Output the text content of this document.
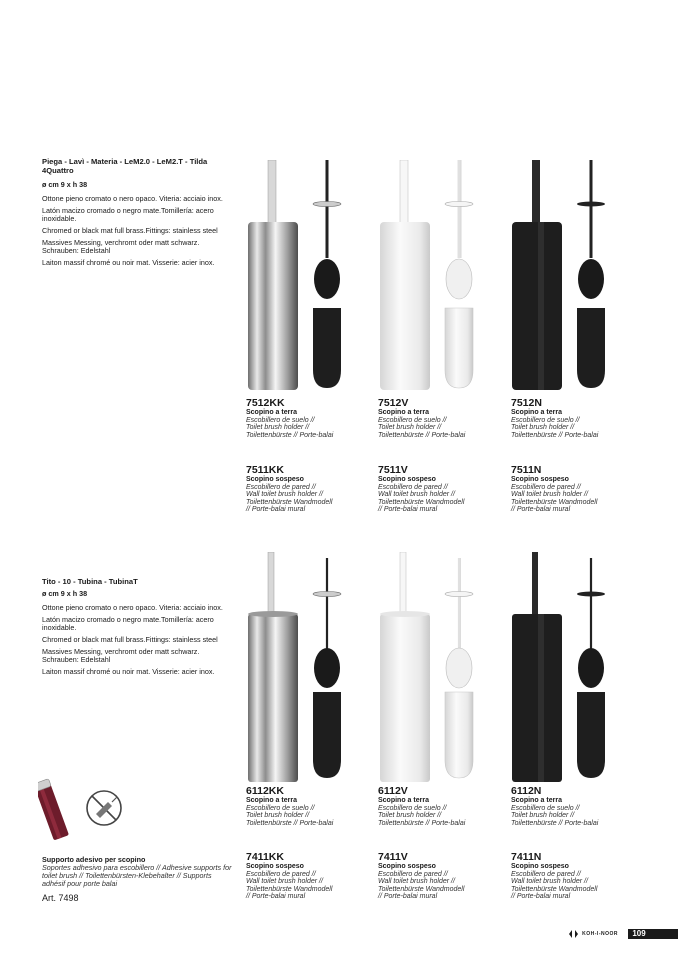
Piega - Lavì - Materia - LeM2.0 - LeM2.T - Tilda 4Quattro
ø cm 9 x h 38
Ottone pieno cromato o nero opaco. Viteria: acciaio inox.
Latón macizo cromado o negro mate.Tomillería: acero inoxidable.
Chromed or black mat full brass.Fittings: stainless steel
Massives Messing, verchromt oder matt schwarz. Schrauben: Edelstahl
Laiton massif chromé ou noir mat. Visserie: acier inox.
7512KK
Scopino a terra
Escobillero de suelo //
Toilet brush holder //
Toilettenbürste // Porte-balai
7512V
Scopino a terra
Escobillero de suelo //
Toilet brush holder //
Toilettenbürste // Porte-balai
7512N
Scopino a terra
Escobillero de suelo //
Toilet brush holder //
Toilettenbürste // Porte-balai
7511KK
Scopino sospeso
Escobillero de pared //
Wall toilet brush holder //
Toilettenbürste Wandmodell
// Porte-balai mural
7511V
Scopino sospeso
Escobillero de pared //
Wall toilet brush holder //
Toilettenbürste Wandmodell
// Porte-balai mural
7511N
Scopino sospeso
Escobillero de pared //
Wall toilet brush holder //
Toilettenbürste Wandmodell
// Porte-balai mural
Tito - 10 - Tubina - TubinaT
ø cm 9 x h 38
Ottone pieno cromato o nero opaco. Viteria: acciaio inox.
Latón macizo cromado o negro mate.Tomillería: acero inoxidable.
Chromed or black mat full brass.Fittings: stainless steel
Massives Messing, verchromt oder matt schwarz. Schrauben: Edelstahl
Laiton massif chromé ou noir mat. Visserie: acier inox.
6112KK
Scopino a terra
Escobillero de suelo //
Toilet brush holder //
Toilettenbürste // Porte-balai
6112V
Scopino a terra
Escobillero de suelo //
Toilet brush holder //
Toilettenbürste // Porte-balai
6112N
Scopino a terra
Escobillero de suelo //
Toilet brush holder //
Toilettenbürste // Porte-balai
7411KK
Scopino sospeso
Escobillero de pared //
Wall toilet brush holder //
Toilettenbürste Wandmodell
// Porte-balai mural
7411V
Scopino sospeso
Escobillero de pared //
Wall toilet brush holder //
Toilettenbürste Wandmodell
// Porte-balai mural
7411N
Scopino sospeso
Escobillero de pared //
Wall toilet brush holder //
Toilettenbürste Wandmodell
// Porte-balai mural
Supporto adesivo per scopino
Soportes adhesivo para escobillero // Adhesive supports for toilet brush // Toilettenbürsten-Klebehalter // Supports adhésif pour porte balai
Art. 7498
KOH-I-NOOR	109
